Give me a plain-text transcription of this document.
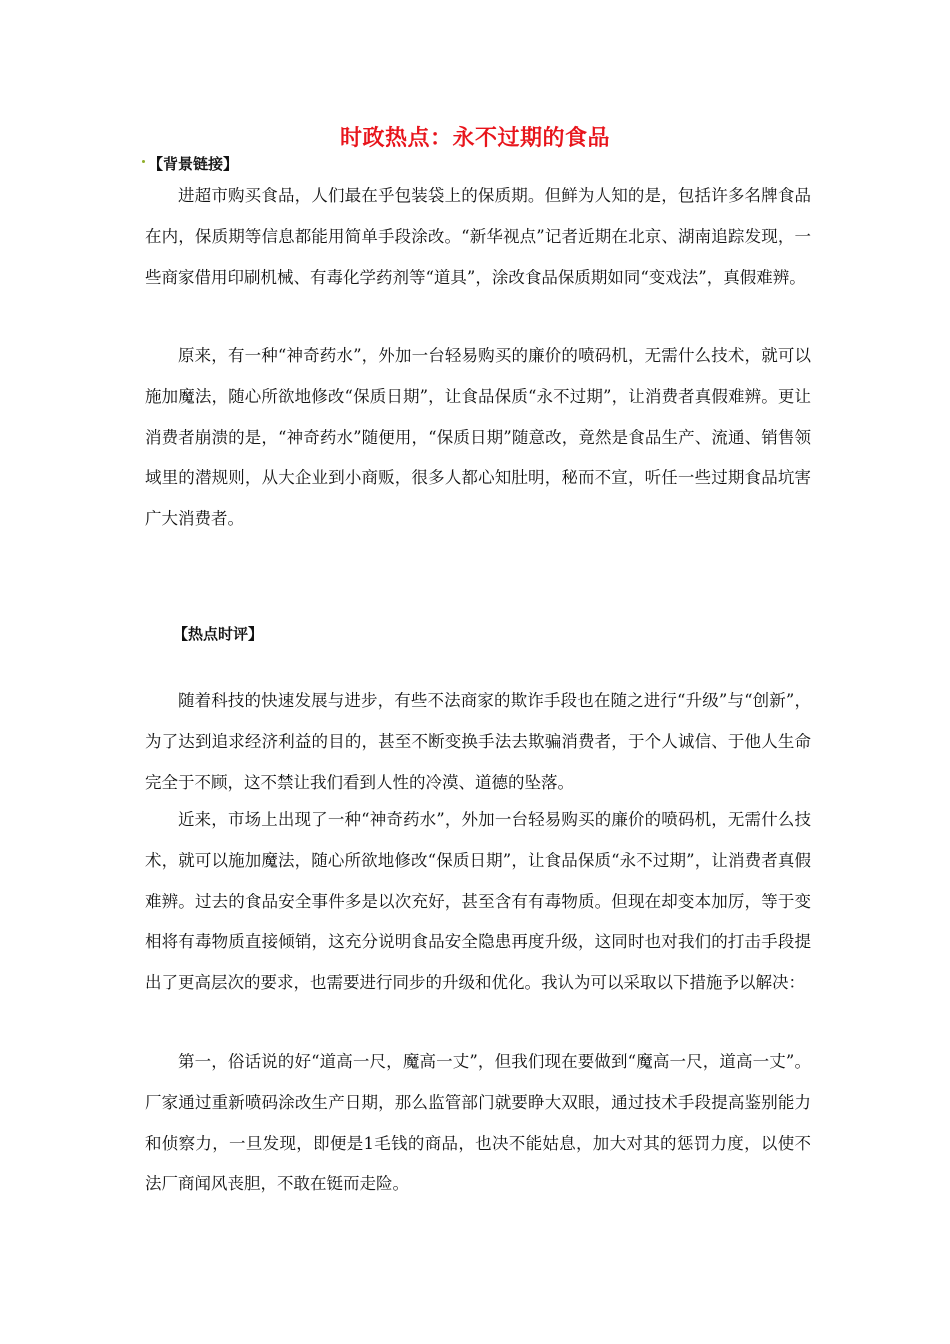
时政热点：永不过期的食品
【背景链接】

进超市购买食品，人们最在乎包装袋上的保质期。但鲜为人知的是，包括许多名牌食品在内，保质期等信息都能用简单手段涂改。“新华视点”记者近期在北京、湖南追踪发现，一些商家借用印刷机械、有毒化学药剂等“道具”，涂改食品保质期如同“变戏法”，真假难辨。

原来，有一种“神奇药水”，外加一台轻易购买的廉价的喷码机，无需什么技术，就可以施加魔法，随心所欲地修改“保质日期”，让食品保质“永不过期”，让消费者真假难辨。更让消费者崩溃的是，“神奇药水”随便用，“保质日期”随意改，竟然是食品生产、流通、销售领域里的潜规则，从大企业到小商贩，很多人都心知肚明，秘而不宣，听任一些过期食品坑害广大消费者。

【热点时评】

随着科技的快速发展与进步，有些不法商家的欺诈手段也在随之进行“升级”与“创新”，为了达到追求经济利益的目的，甚至不断变换手法去欺骗消费者，于个人诚信、于他人生命完全于不顾，这不禁让我们看到人性的冷漠、道德的坠落。

近来，市场上出现了一种“神奇药水”，外加一台轻易购买的廉价的喷码机，无需什么技术，就可以施加魔法，随心所欲地修改“保质日期”，让食品保质“永不过期”，让消费者真假难辨。过去的食品安全事件多是以次充好，甚至含有有毒物质。但现在却变本加厉，等于变相将有毒物质直接倾销，这充分说明食品安全隐患再度升级，这同时也对我们的打击手段提出了更高层次的要求，也需要进行同步的升级和优化。我认为可以采取以下措施予以解决：

第一，俗话说的好“道高一尺，魔高一丈”，但我们现在要做到“魔高一尺，道高一丈”。厂家通过重新喷码涂改生产日期，那么监管部门就要睁大双眼，通过技术手段提高鉴别能力和侦察力，一旦发现，即便是1毛钱的商品，也决不能姑息，加大对其的惩罚力度，以使不法厂商闻风丧胆，不敢在铤而走险。
